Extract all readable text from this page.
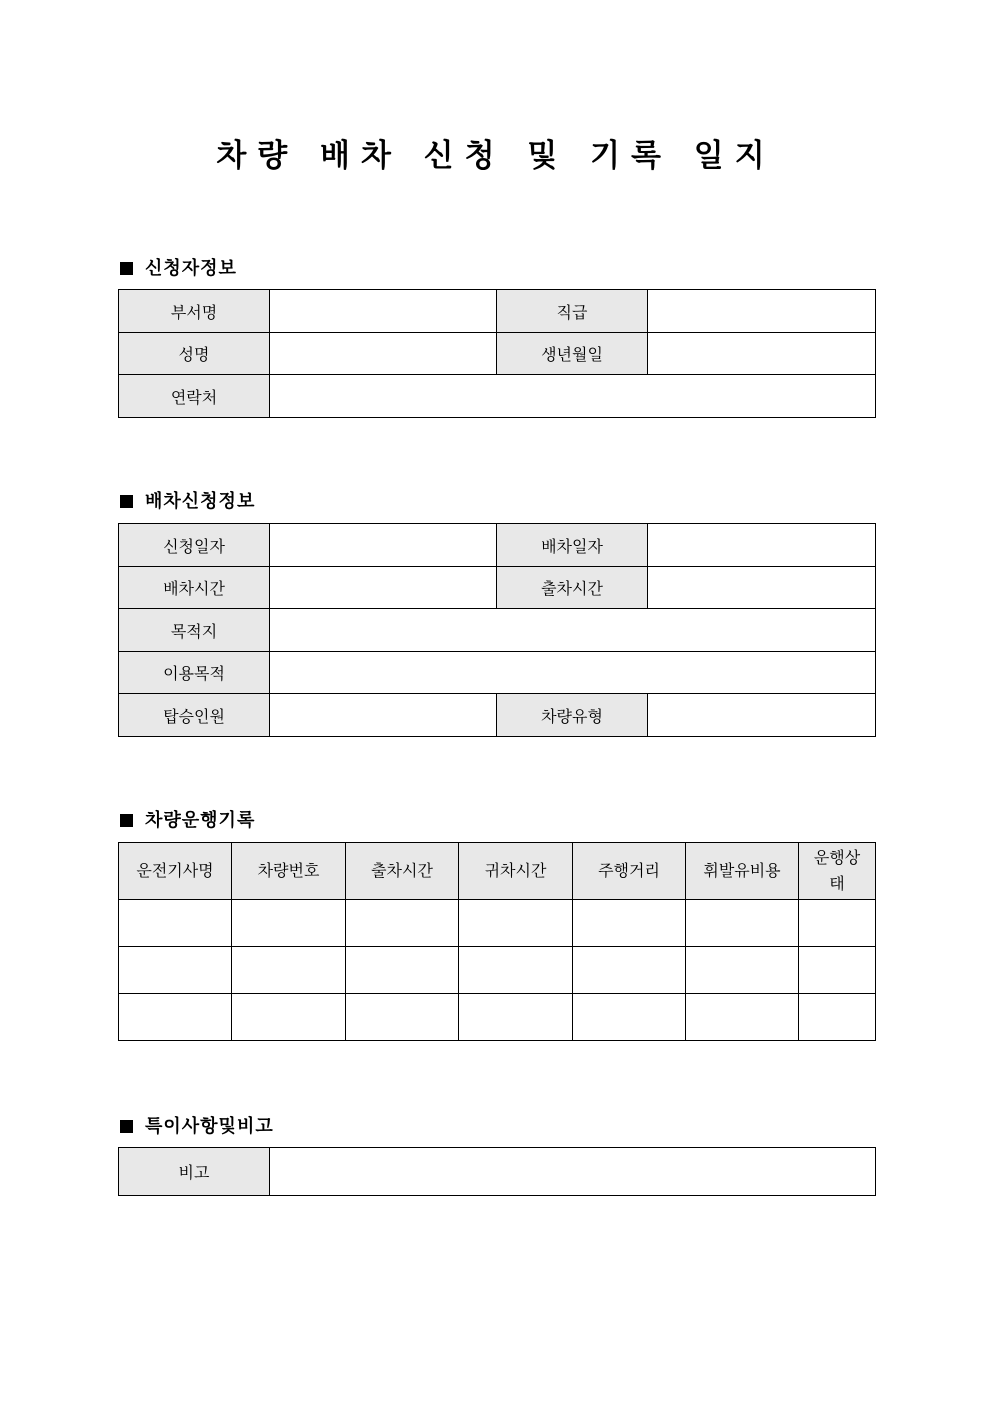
차량 배차 신청 및 기록 일지
신청자정보
부서명		직급	
성명		생년월일	
연락처			
배차신청정보
신청일자		배차일자	
배차시간		출차시간	
목적지			
이용목적			
탑승인원		차량유형	
차량운행기록
운전기사명	차량번호	출차시간	귀차시간	주행거리	휘발유비용	운행상태

특이사항및비고
비고	
